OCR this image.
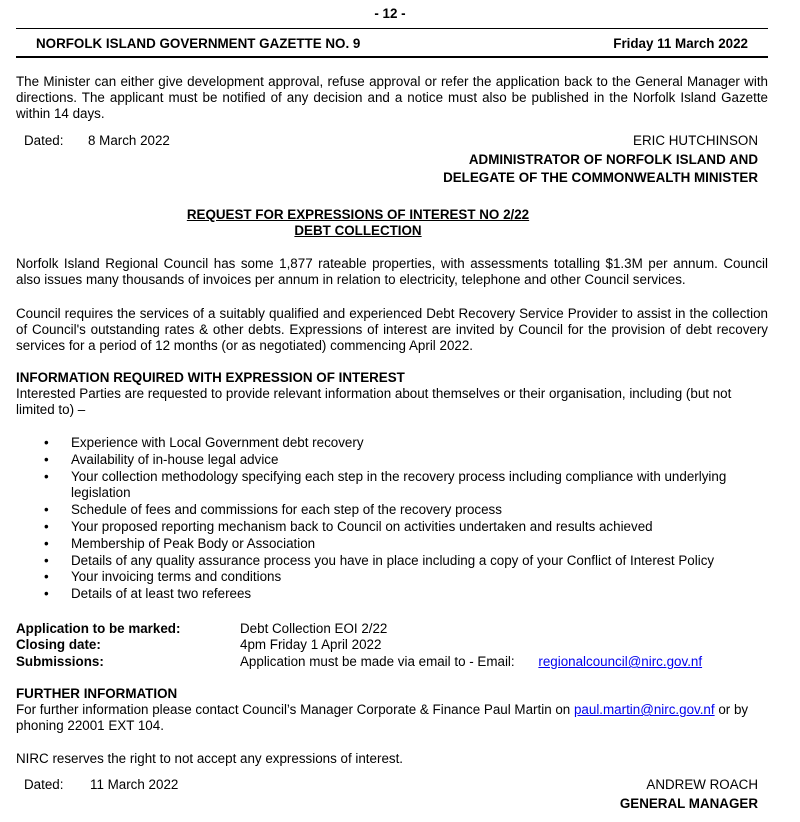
- 12 -
NORFOLK ISLAND GOVERNMENT GAZETTE NO. 9	Friday 11 March 2022
The Minister can either give development approval, refuse approval or refer the application back to the General Manager with directions. The applicant must be notified of any decision and a notice must also be published in the Norfolk Island Gazette within 14 days.
Dated: 8 March 2022	ERIC HUTCHINSON
ADMINISTRATOR OF NORFOLK ISLAND AND
DELEGATE OF THE COMMONWEALTH MINISTER
REQUEST FOR EXPRESSIONS OF INTEREST NO 2/22
DEBT COLLECTION
Norfolk Island Regional Council has some 1,877 rateable properties, with assessments totalling $1.3M per annum. Council also issues many thousands of invoices per annum in relation to electricity, telephone and other Council services.
Council requires the services of a suitably qualified and experienced Debt Recovery Service Provider to assist in the collection of Council's outstanding rates & other debts. Expressions of interest are invited by Council for the provision of debt recovery services for a period of 12 months (or as negotiated) commencing April 2022.
INFORMATION REQUIRED WITH EXPRESSION OF INTEREST
Interested Parties are requested to provide relevant information about themselves or their organisation, including (but not limited to) –
• Experience with Local Government debt recovery
• Availability of in-house legal advice
• Your collection methodology specifying each step in the recovery process including compliance with underlying legislation
• Schedule of fees and commissions for each step of the recovery process
• Your proposed reporting mechanism back to Council on activities undertaken and results achieved
• Membership of Peak Body or Association
• Details of any quality assurance process you have in place including a copy of your Conflict of Interest Policy
• Your invoicing terms and conditions
• Details of at least two referees
Application to be marked:	Debt Collection EOI 2/22
Closing date:	4pm Friday 1 April 2022
Submissions:	Application must be made via email to - Email: regionalcouncil@nirc.gov.nf
FURTHER INFORMATION
For further information please contact Council’s Manager Corporate & Finance Paul Martin on paul.martin@nirc.gov.nf or by phoning 22001 EXT 104.
NIRC reserves the right to not accept any expressions of interest.
Dated: 11 March 2022	ANDREW ROACH
GENERAL MANAGER
